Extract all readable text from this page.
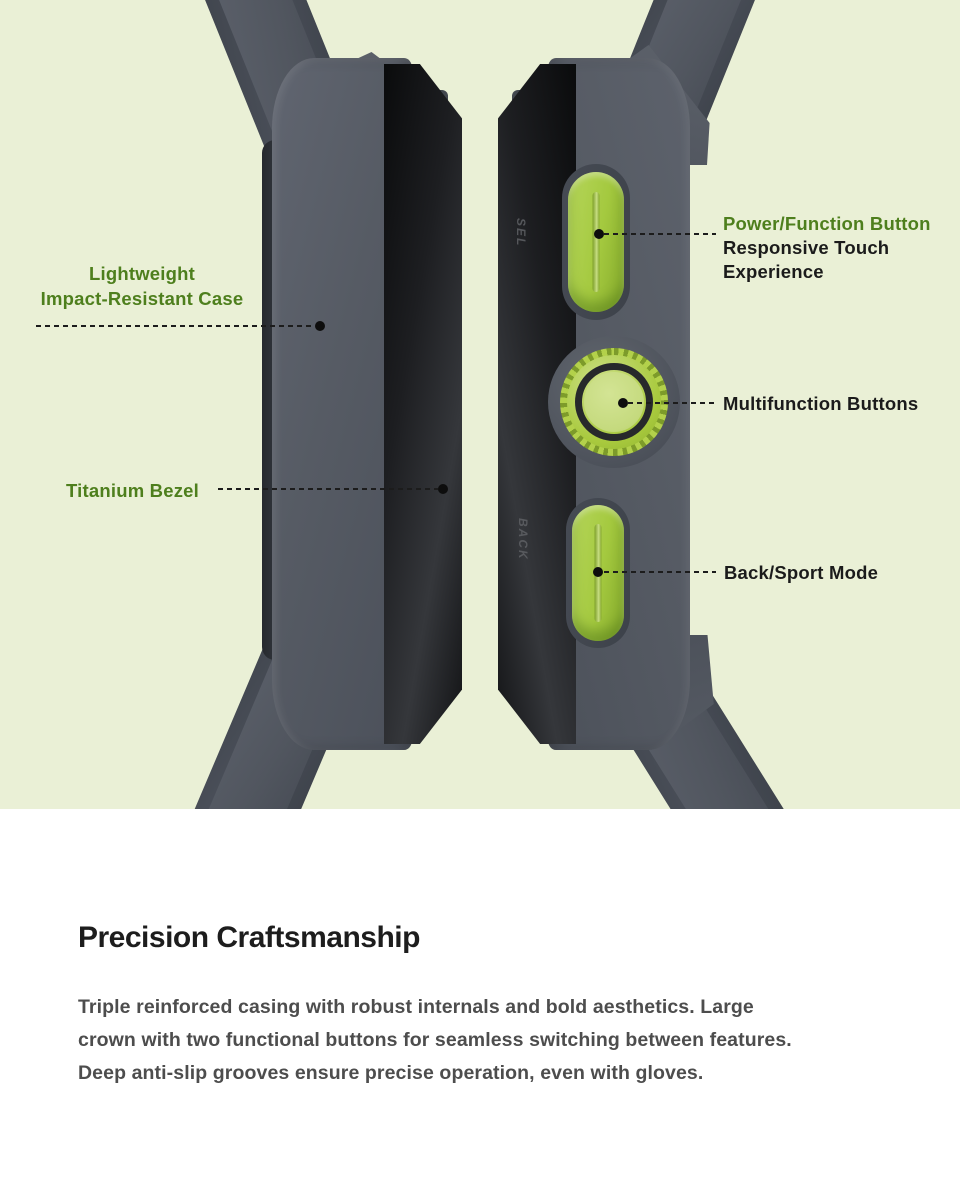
SEL
BACK
Lightweight
Impact-Resistant Case
Titanium Bezel
Power/Function Button
Responsive Touch
Experience
Multifunction Buttons
Back/Sport Mode
Precision Craftsmanship
Triple reinforced casing with robust internals and bold aesthetics. Large
crown with two functional buttons for seamless switching between features.
Deep anti-slip grooves ensure precise operation, even with gloves.
